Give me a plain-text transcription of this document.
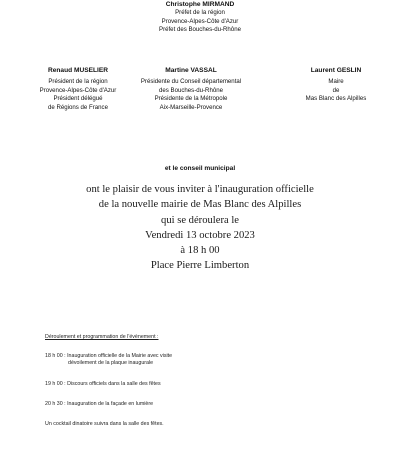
Christophe MIRMAND
Préfet de la région
Provence-Alpes-Côte d'Azur
Préfet des Bouches-du-Rhône
Renaud MUSELIER
Président de la région
Provence-Alpes-Côte d'Azur
Président délégué
de Régions de France
Martine VASSAL
Présidente du Conseil départemental
des Bouches-du-Rhône
Présidente de la Métropole
Aix-Marseille-Provence
Laurent GESLIN
Maire
de
Mas Blanc des Alpilles
et le conseil municipal
ont le plaisir de vous inviter à l'inauguration officielle
de la nouvelle mairie de Mas Blanc des Alpilles
qui se déroulera le
Vendredi 13 octobre 2023
à 18 h 00
Place Pierre Limberton
Déroulement et programmation de l'évènement :
18 h 00 : Inauguration officielle de la Mairie avec visite
dévoilement de la plaque inaugurale
19 h 00 : Discours officiels dans la salle des fêtes
20 h 30 : Inauguration de la façade en lumière
Un cocktail dinatoire suivra dans la salle des fêtes.
